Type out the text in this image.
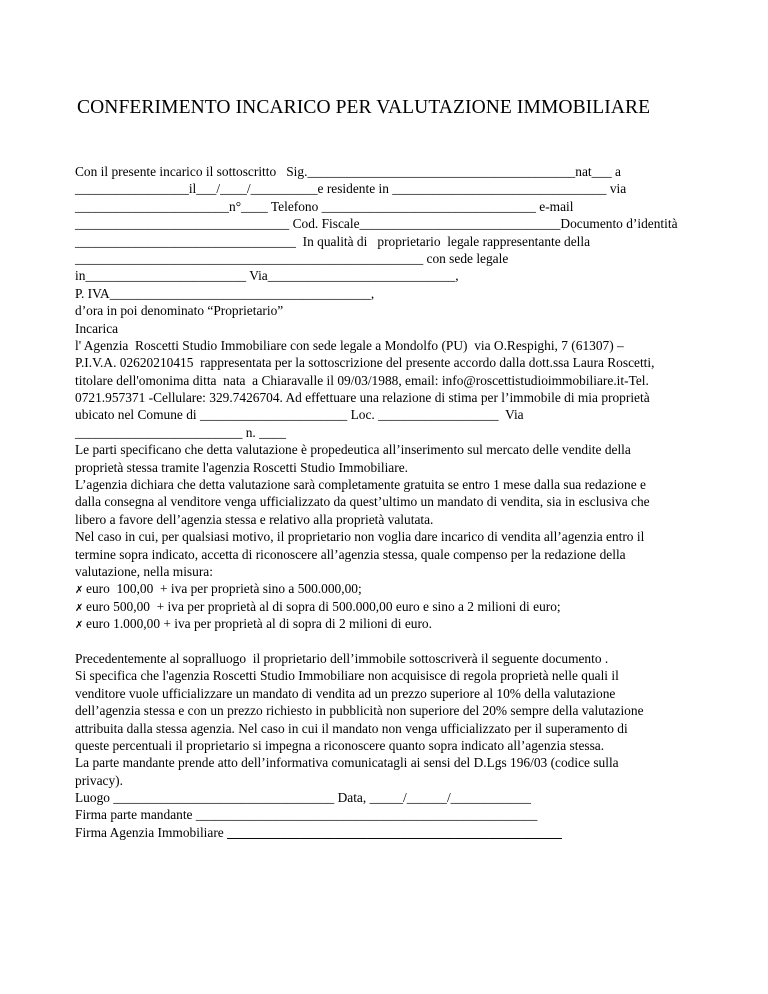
CONFERIMENTO INCARICO PER VALUTAZIONE IMMOBILIARE
Con il presente incarico il sottoscritto   Sig.________________________________________nat___ a
_________________il___/____/__________e residente in ________________________________ via
_______________________n°____ Telefono ________________________________ e-mail
________________________________ Cod. Fiscale______________________________Documento d’identità
_________________________________  In qualità di   proprietario  legale rappresentante della
____________________________________________________ con sede legale
in________________________ Via____________________________,
P. IVA_______________________________________,
d’ora in poi denominato “Proprietario”
Incarica
l' Agenzia  Roscetti Studio Immobiliare con sede legale a Mondolfo (PU)  via O.Respighi, 7 (61307) –
P.I.V.A. 02620210415  rappresentata per la sottoscrizione del presente accordo dalla dott.ssa Laura Roscetti,
titolare dell'omonima ditta  nata  a Chiaravalle il 09/03/1988, email: info@roscettistudioimmobiliare.it-Tel.
0721.957371 -Cellulare: 329.7426704. Ad effettuare una relazione di stima per l’immobile di mia proprietà
ubicato nel Comune di ______________________ Loc. __________________  Via
_________________________ n. ____
Le parti specificano che detta valutazione è propedeutica all’inserimento sul mercato delle vendite della
proprietà stessa tramite l'agenzia Roscetti Studio Immobiliare.
L’agenzia dichiara che detta valutazione sarà completamente gratuita se entro 1 mese dalla sua redazione e
dalla consegna al venditore venga ufficializzato da quest’ultimo un mandato di vendita, sia in esclusiva che
libero a favore dell’agenzia stessa e relativo alla proprietà valutata.
Nel caso in cui, per qualsiasi motivo, il proprietario non voglia dare incarico di vendita all’agenzia entro il
termine sopra indicato, accetta di riconoscere all’agenzia stessa, quale compenso per la redazione della
valutazione, nella misura:
✗ euro  100,00  + iva per proprietà sino a 500.000,00;
✗ euro 500,00  + iva per proprietà al di sopra di 500.000,00 euro e sino a 2 milioni di euro;
✗ euro 1.000,00 + iva per proprietà al di sopra di 2 milioni di euro.
Precedentemente al sopralluogo  il proprietario dell’immobile sottoscriverà il seguente documento .
Si specifica che l'agenzia Roscetti Studio Immobiliare non acquisisce di regola proprietà nelle quali il
venditore vuole ufficializzare un mandato di vendita ad un prezzo superiore al 10% della valutazione
dell’agenzia stessa e con un prezzo richiesto in pubblicità non superiore del 20% sempre della valutazione
attribuita dalla stessa agenzia. Nel caso in cui il mandato non venga ufficializzato per il superamento di
queste percentuali il proprietario si impegna a riconoscere quanto sopra indicato all’agenzia stessa.
La parte mandante prende atto dell’informativa comunicatagli ai sensi del D.Lgs 196/03 (codice sulla
privacy).
Luogo _________________________________ Data, _____/______/____________
Firma parte mandante ___________________________________________________
Firma Agenzia Immobiliare __________________________________________________
